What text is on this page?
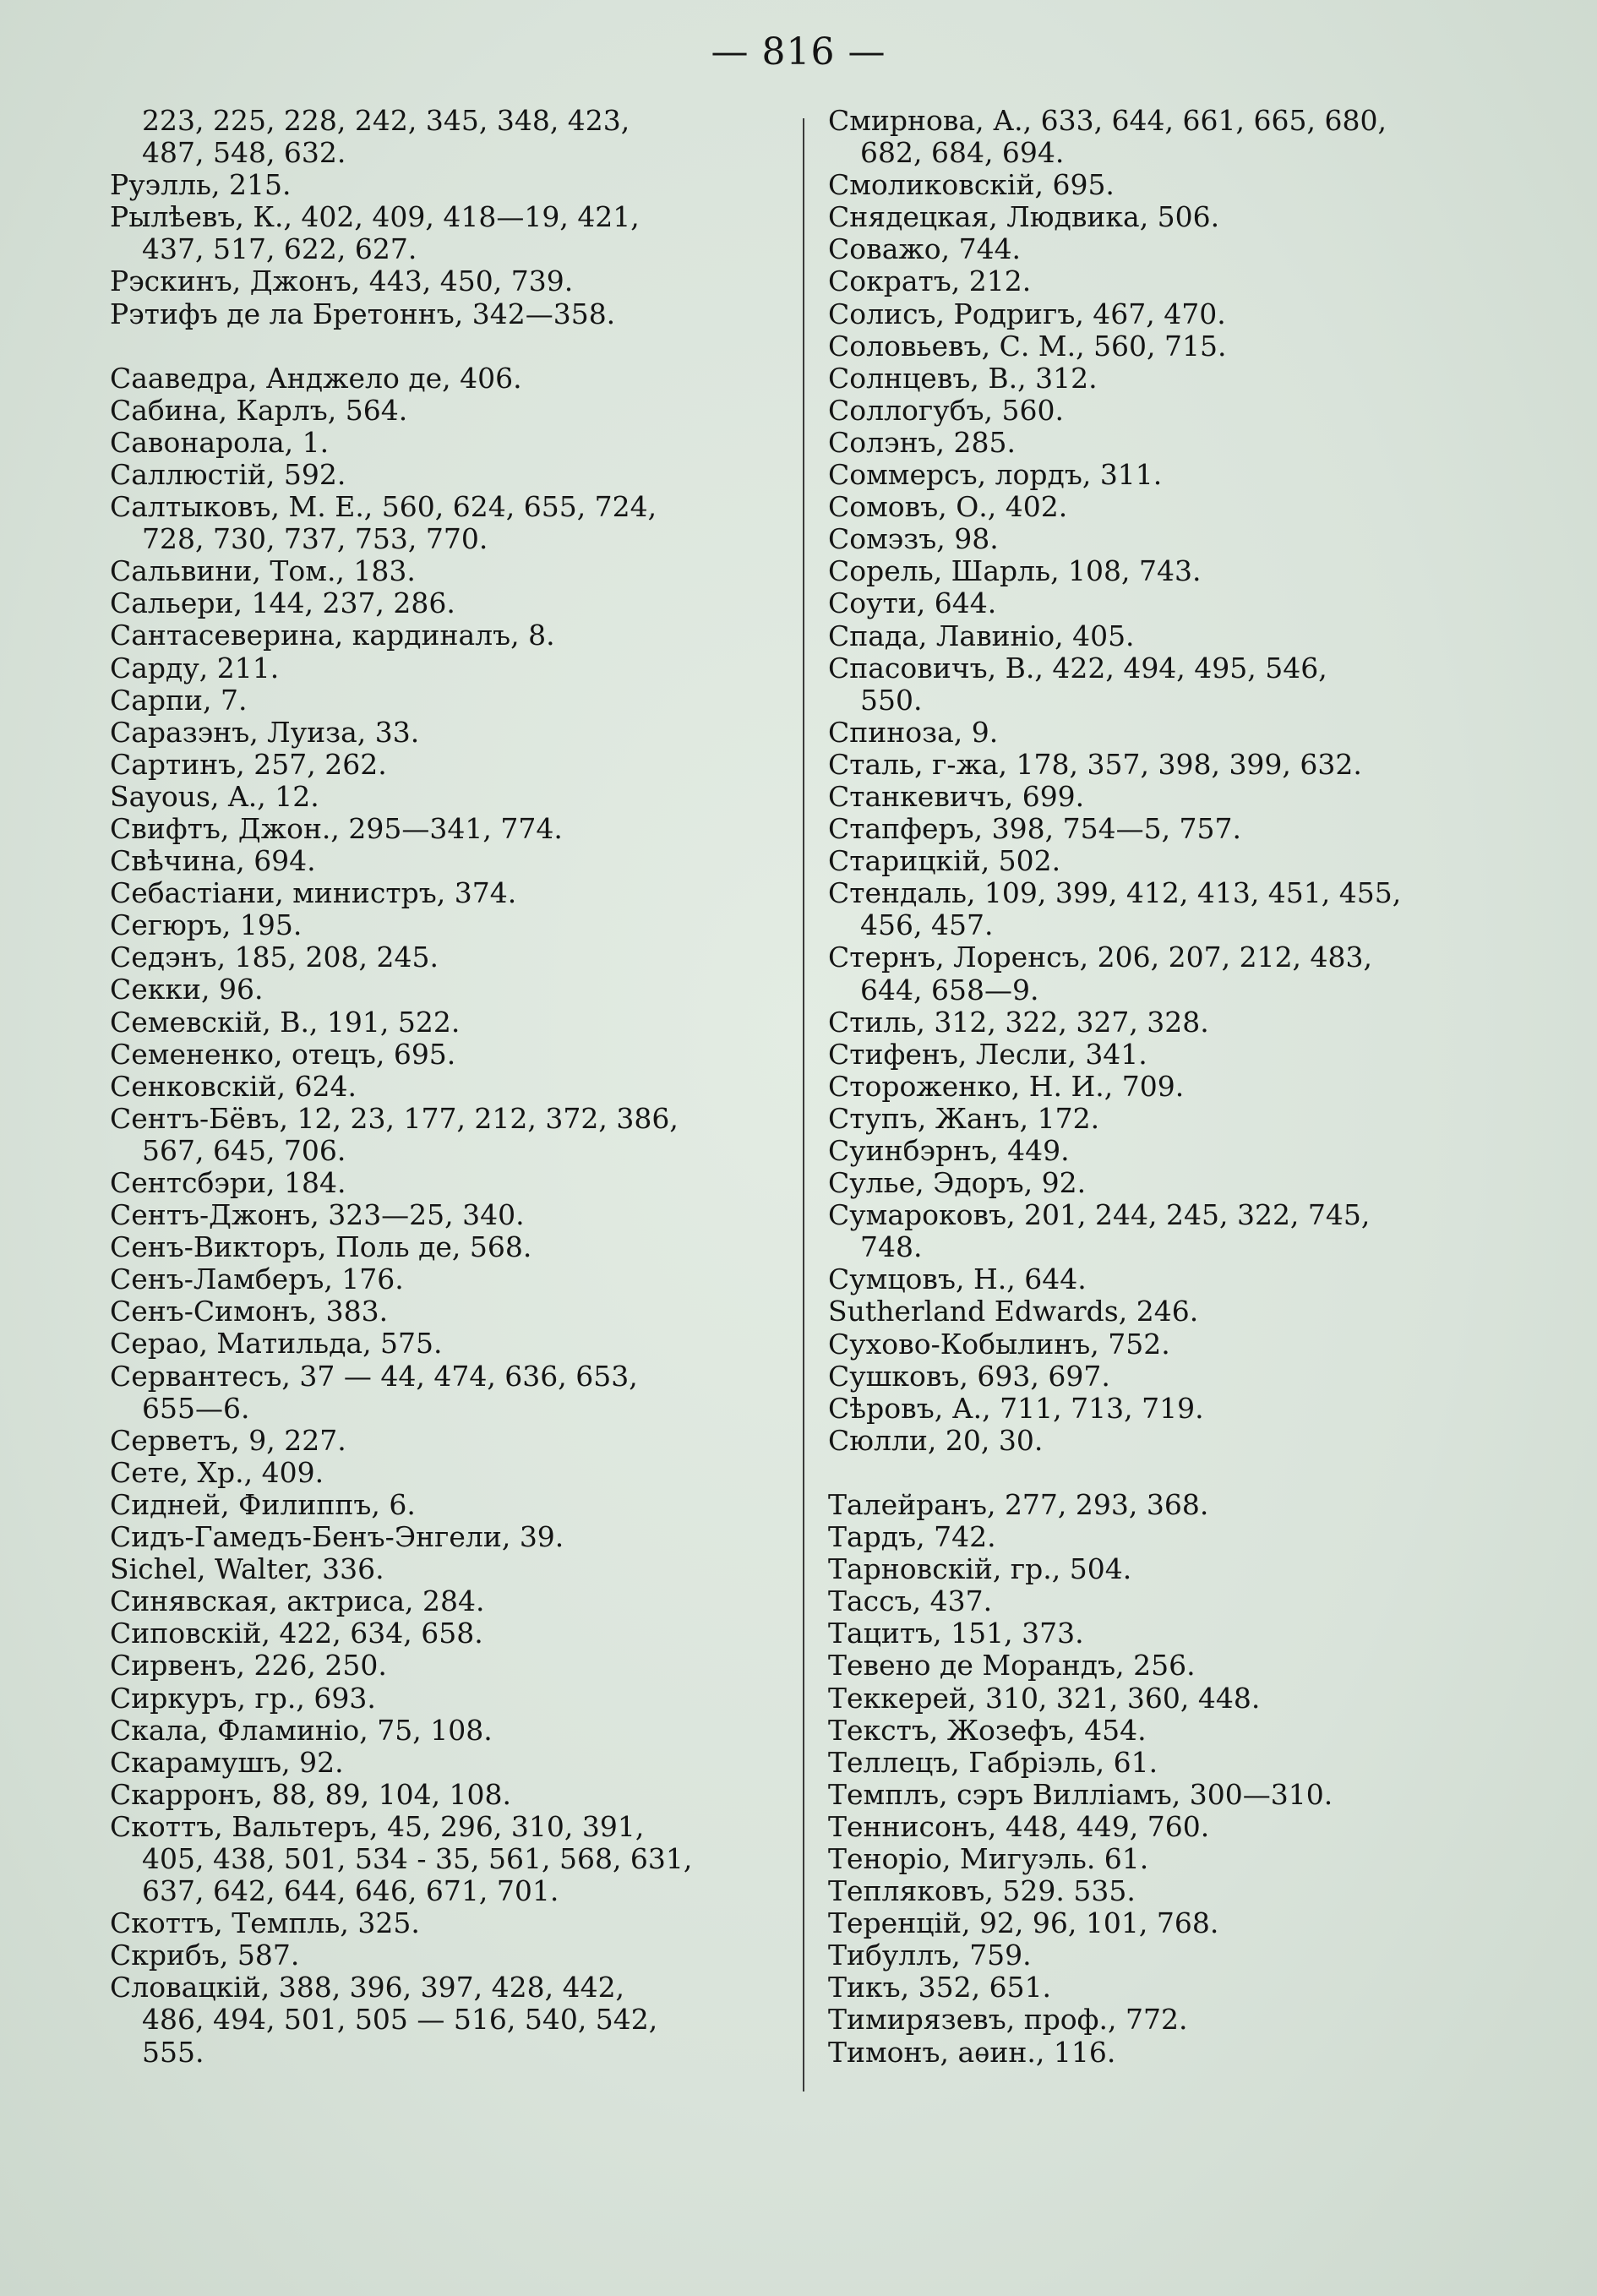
— 816 —
223, 225, 228, 242, 345, 348, 423,
487, 548, 632.
Руэлль, 215.
Рылѣевъ, К., 402, 409, 418—19, 421,
437, 517, 622, 627.
Рэскинъ, Джонъ, 443, 450, 739.
Рэтифъ де ла Бретоннъ, 342—358.
Сааведра, Анджело де, 406.
Сабина, Карлъ, 564.
Савонарола, 1.
Саллюстій, 592.
Салтыковъ, М. Е., 560, 624, 655, 724,
728, 730, 737, 753, 770.
Сальвини, Том., 183.
Сальери, 144, 237, 286.
Сантасеверина, кардиналъ, 8.
Сарду, 211.
Сарпи, 7.
Саразэнъ, Луиза, 33.
Сартинъ, 257, 262.
Sayous, A., 12.
Свифтъ, Джон., 295—341, 774.
Свѣчина, 694.
Себастіани, министръ, 374.
Сегюръ, 195.
Седэнъ, 185, 208, 245.
Секки, 96.
Семевскій, В., 191, 522.
Семененко, отецъ, 695.
Сенковскій, 624.
Сентъ-Бёвъ, 12, 23, 177, 212, 372, 386,
567, 645, 706.
Сентсбэри, 184.
Сентъ-Джонъ, 323—25, 340.
Сенъ-Викторъ, Поль де, 568.
Сенъ-Ламберъ, 176.
Сенъ-Симонъ, 383.
Серао, Матильда, 575.
Сервантесъ, 37 — 44, 474, 636, 653,
655—6.
Серветъ, 9, 227.
Сете, Хр., 409.
Сидней, Филиппъ, 6.
Сидъ-Гамедъ-Бенъ-Энгели, 39.
Sichel, Walter, 336.
Синявская, актриса, 284.
Сиповскій, 422, 634, 658.
Сирвенъ, 226, 250.
Сиркуръ, гр., 693.
Скала, Фламиніо, 75, 108.
Скарамушъ, 92.
Скарронъ, 88, 89, 104, 108.
Скоттъ, Вальтеръ, 45, 296, 310, 391,
405, 438, 501, 534 - 35, 561, 568, 631,
637, 642, 644, 646, 671, 701.
Скоттъ, Темпль, 325.
Скрибъ, 587.
Словацкій, 388, 396, 397, 428, 442,
486, 494, 501, 505 — 516, 540, 542,
555.
Смирнова, А., 633, 644, 661, 665, 680,
682, 684, 694.
Смоликовскій, 695.
Снядецкая, Людвика, 506.
Соважо, 744.
Сократъ, 212.
Солисъ, Родригъ, 467, 470.
Соловьевъ, С. М., 560, 715.
Солнцевъ, В., 312.
Соллогубъ, 560.
Солэнъ, 285.
Соммерсъ, лордъ, 311.
Сомовъ, О., 402.
Сомэзъ, 98.
Сорель, Шарль, 108, 743.
Соути, 644.
Спада, Лавиніо, 405.
Спасовичъ, В., 422, 494, 495, 546,
550.
Спиноза, 9.
Сталь, г-жа, 178, 357, 398, 399, 632.
Станкевичъ, 699.
Стапферъ, 398, 754—5, 757.
Старицкій, 502.
Стендаль, 109, 399, 412, 413, 451, 455,
456, 457.
Стернъ, Лоренсъ, 206, 207, 212, 483,
644, 658—9.
Стиль, 312, 322, 327, 328.
Стифенъ, Лесли, 341.
Стороженко, Н. И., 709.
Ступъ, Жанъ, 172.
Суинбэрнъ, 449.
Сулье, Эдоръ, 92.
Сумароковъ, 201, 244, 245, 322, 745,
748.
Сумцовъ, Н., 644.
Sutherland Edwards, 246.
Сухово-Кобылинъ, 752.
Сушковъ, 693, 697.
Сѣровъ, А., 711, 713, 719.
Сюлли, 20, 30.
Талейранъ, 277, 293, 368.
Тардъ, 742.
Тарновскій, гр., 504.
Тассъ, 437.
Тацитъ, 151, 373.
Тевено де Морандъ, 256.
Теккерей, 310, 321, 360, 448.
Текстъ, Жозефъ, 454.
Теллецъ, Габріэль, 61.
Темплъ, сэръ Вилліамъ, 300—310.
Теннисонъ, 448, 449, 760.
Тенорiо, Мигуэль. 61.
Тепляковъ, 529. 535.
Теренцій, 92, 96, 101, 768.
Тибуллъ, 759.
Тикъ, 352, 651.
Тимирязевъ, проф., 772.
Тимонъ, аѳин., 116.
